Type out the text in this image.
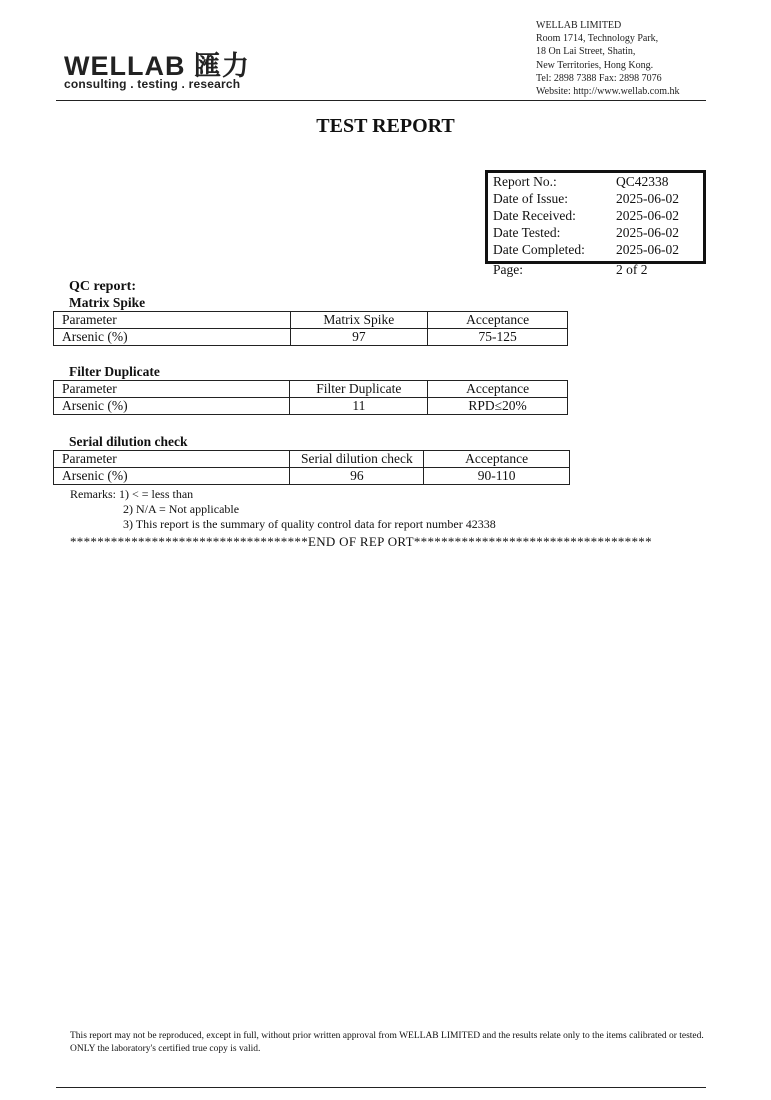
WELLAB 匯力
consulting . testing . research
WELLAB LIMITED
Room 1714, Technology Park,
18 On Lai Street, Shatin,
New Territories, Hong Kong.
Tel: 2898 7388 Fax: 2898 7076
Website: http://www.wellab.com.hk
TEST REPORT
Report No.:	QC42338
Date of Issue:	2025-06-02
Date Received:	2025-06-02
Date Tested:	2025-06-02
Date Completed: 2025-06-02
Page:	2 of 2
QC report:
Matrix Spike
Parameter	Matrix Spike	Acceptance
Arsenic (%)	97	75-125
Filter Duplicate
Parameter	Filter Duplicate	Acceptance
Arsenic (%)	11	RPD≤20%
Serial dilution check
Parameter	Serial dilution check	Acceptance
Arsenic (%)	96	90-110
Remarks: 1) < = less than
2) N/A = Not applicable
3) This report is the summary of quality control data for report number 42338
***********************************END OF REP ORT***********************************
This report may not be reproduced, except in full, without prior written approval from WELLAB LIMITED and the results relate only to the items calibrated or tested. ONLY the laboratory's certified true copy is valid.
